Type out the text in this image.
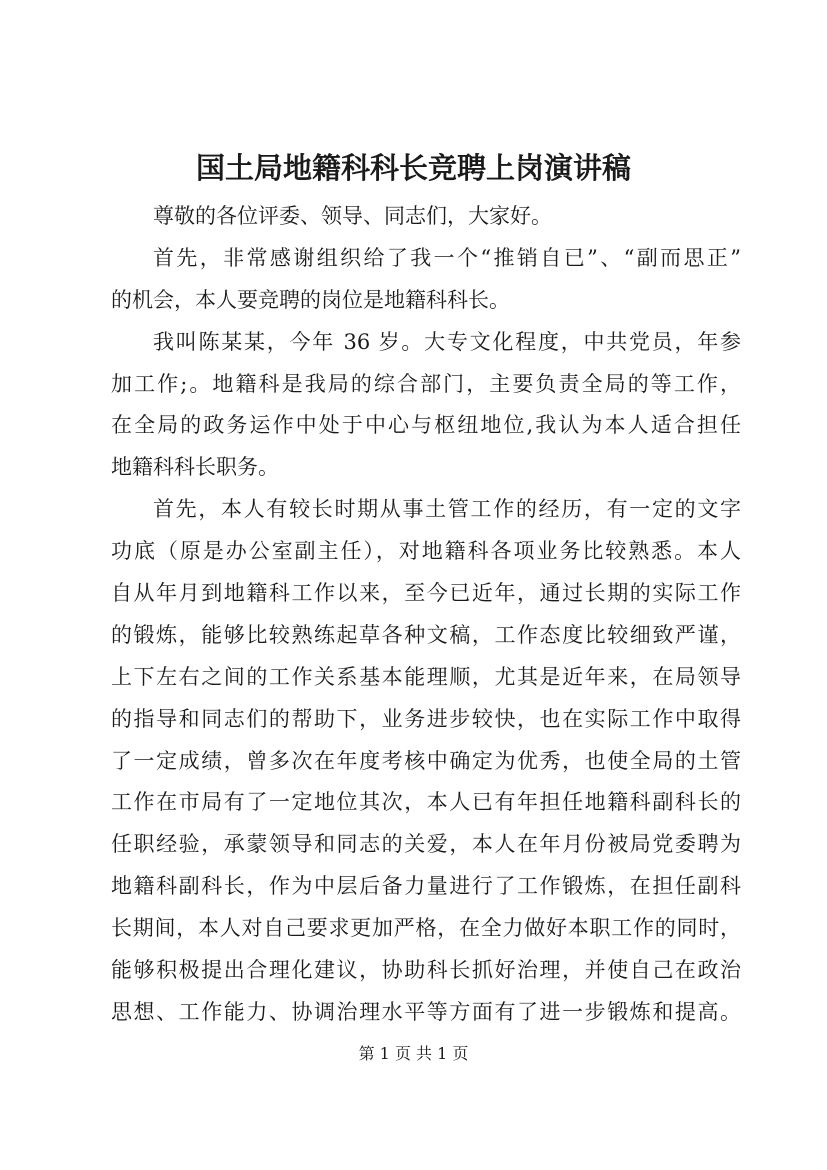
国土局地籍科科长竞聘上岗演讲稿
尊敬的各位评委、领导、同志们，大家好。
首先，非常感谢组织给了我一个“推销自已”、“副而思正”
的机会，本人要竞聘的岗位是地籍科科长。
我叫陈某某，今年 36 岁。大专文化程度，中共党员，年参
加工作;。地籍科是我局的综合部门，主要负责全局的等工作，
在全局的政务运作中处于中心与枢纽地位,我认为本人适合担任
地籍科科长职务。
首先，本人有较长时期从事土管工作的经历，有一定的文字
功底（原是办公室副主任），对地籍科各项业务比较熟悉。本人
自从年月到地籍科工作以来，至今已近年，通过长期的实际工作
的锻炼，能够比较熟练起草各种文稿，工作态度比较细致严谨，
上下左右之间的工作关系基本能理顺，尤其是近年来，在局领导
的指导和同志们的帮助下，业务进步较快，也在实际工作中取得
了一定成绩，曾多次在年度考核中确定为优秀，也使全局的土管
工作在市局有了一定地位其次，本人已有年担任地籍科副科长的
任职经验，承蒙领导和同志的关爱，本人在年月份被局党委聘为
地籍科副科长，作为中层后备力量进行了工作锻炼，在担任副科
长期间，本人对自己要求更加严格，在全力做好本职工作的同时，
能够积极提出合理化建议，协助科长抓好治理，并使自己在政治
思想、工作能力、协调治理水平等方面有了进一步锻炼和提高。
第 1 页 共 1 页
